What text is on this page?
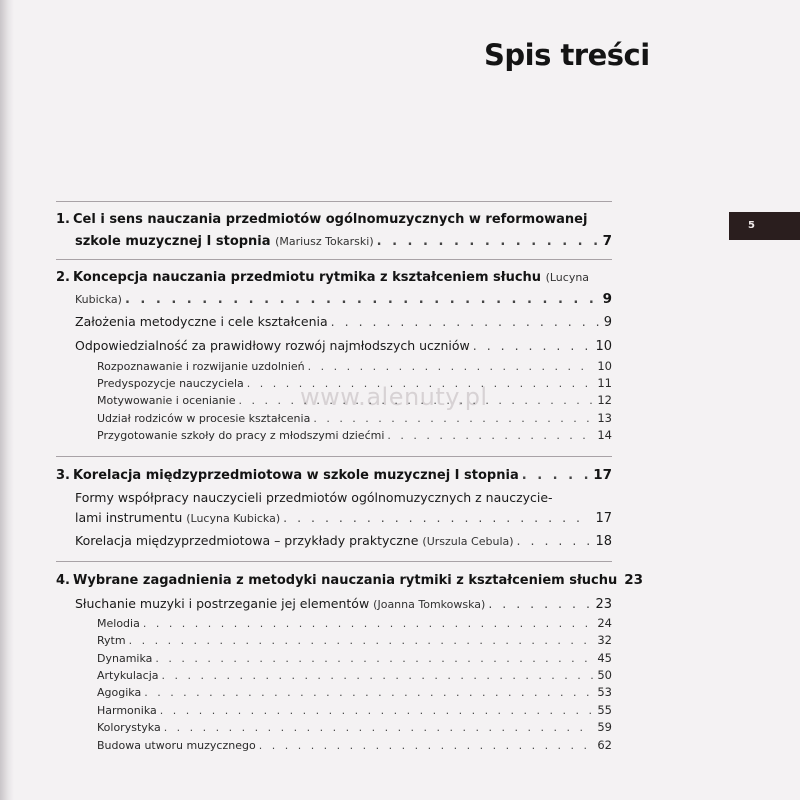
Spis treści
5
www.alenuty.pl
1. Cel i sens nauczania przedmiotów ogólnomuzycznych w reformowanej
szkole muzycznej I stopnia
(Mariusz Tokarski) . . .	7
2. Koncepcja nauczania przedmiotu rytmika z kształceniem słuchu
(Lucyna
Kubicka) . . .	9
Założenia metodyczne i cele kształcenia . . .	9
Odpowiedzialność za prawidłowy rozwój najmłodszych uczniów . . .	10
Rozpoznawanie i rozwijanie uzdolnień . . .	10
Predyspozycje nauczyciela . . .	11
Motywowanie i ocenianie . . .	12
Udział rodziców w procesie kształcenia . . .	13
Przygotowanie szkoły do pracy z młodszymi dziećmi . . .	14
3. Korelacja międzyprzedmiotowa w szkole muzycznej I stopnia . . .	17
Formy współpracy nauczycieli przedmiotów ogólnomuzycznych z nauczycie-
lami instrumentu
(Lucyna Kubicka) . . .	17
Korelacja międzyprzedmiotowa – przykłady praktyczne
(Urszula Cebula) . . .	18
4. Wybrane zagadnienia z metodyki nauczania rytmiki z kształceniem słuchu 23
Słuchanie muzyki i postrzeganie jej elementów
(Joanna Tomkowska) . . .	23
Melodia . . .	24
Rytm . . .	32
Dynamika . . .	45
Artykulacja . . .	50
Agogika . . .	53
Harmonika . . .	55
Kolorystyka . . .	59
Budowa utworu muzycznego . . .	62
